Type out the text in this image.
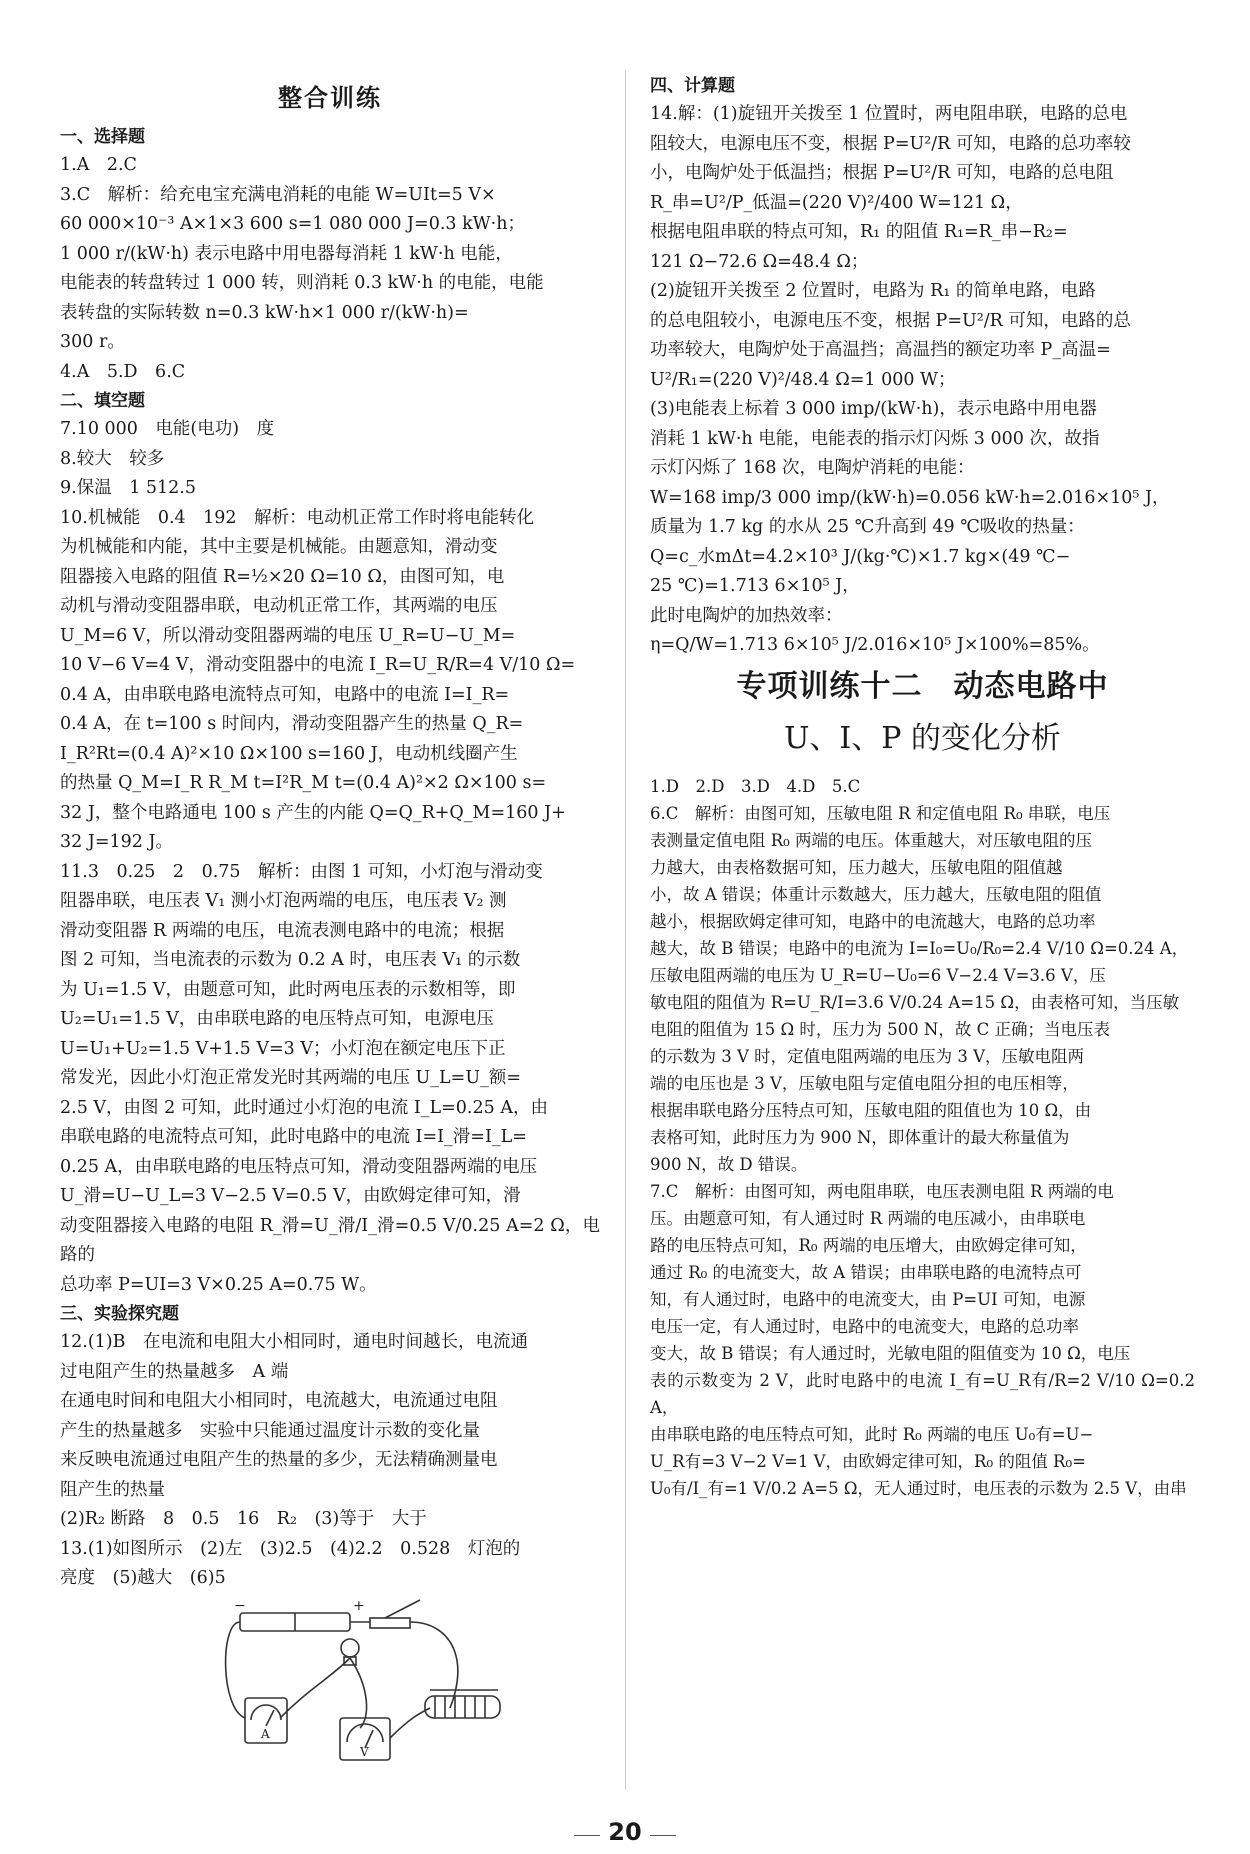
整合训练
一、选择题

1.A　2.C

3.C　解析：给充电宝充满电消耗的电能 W=UIt=5 V×

60 000×10⁻³ A×1×3 600 s=1 080 000 J=0.3 kW·h；

1 000 r/(kW·h) 表示电路中用电器每消耗 1 kW·h 电能，

电能表的转盘转过 1 000 转，则消耗 0.3 kW·h 的电能，电能

表转盘的实际转数 n=0.3 kW·h×1 000 r/(kW·h)=

300 r。

4.A　5.D　6.C

二、填空题

7.10 000　电能(电功)　度

8.较大　较多

9.保温　1 512.5

10.机械能　0.4　192　解析：电动机正常工作时将电能转化

为机械能和内能，其中主要是机械能。由题意知，滑动变

阻器接入电路的阻值 R=½×20 Ω=10 Ω，由图可知，电

动机与滑动变阻器串联，电动机正常工作，其两端的电压

U_M=6 V，所以滑动变阻器两端的电压 U_R=U−U_M=

10 V−6 V=4 V，滑动变阻器中的电流 I_R=U_R/R=4 V/10 Ω=

0.4 A，由串联电路电流特点可知，电路中的电流 I=I_R=

0.4 A，在 t=100 s 时间内，滑动变阻器产生的热量 Q_R=

I_R²Rt=(0.4 A)²×10 Ω×100 s=160 J，电动机线圈产生

的热量 Q_M=I_R R_M t=I²R_M t=(0.4 A)²×2 Ω×100 s=

32 J，整个电路通电 100 s 产生的内能 Q=Q_R+Q_M=160 J+

32 J=192 J。

11.3　0.25　2　0.75　解析：由图 1 可知，小灯泡与滑动变

阻器串联，电压表 V₁ 测小灯泡两端的电压，电压表 V₂ 测

滑动变阻器 R 两端的电压，电流表测电路中的电流；根据

图 2 可知，当电流表的示数为 0.2 A 时，电压表 V₁ 的示数

为 U₁=1.5 V，由题意可知，此时两电压表的示数相等，即

U₂=U₁=1.5 V，由串联电路的电压特点可知，电源电压

U=U₁+U₂=1.5 V+1.5 V=3 V；小灯泡在额定电压下正

常发光，因此小灯泡正常发光时其两端的电压 U_L=U_额=

2.5 V，由图 2 可知，此时通过小灯泡的电流 I_L=0.25 A，由

串联电路的电流特点可知，此时电路中的电流 I=I_滑=I_L=

0.25 A，由串联电路的电压特点可知，滑动变阻器两端的电压

U_滑=U−U_L=3 V−2.5 V=0.5 V，由欧姆定律可知，滑

动变阻器接入电路的电阻 R_滑=U_滑/I_滑=0.5 V/0.25 A=2 Ω，电路的

总功率 P=UI=3 V×0.25 A=0.75 W。

三、实验探究题

12.(1)B　在电流和电阻大小相同时，通电时间越长，电流通

过电阻产生的热量越多　A 端

在通电时间和电阻大小相同时，电流越大，电流通过电阻

产生的热量越多　实验中只能通过温度计示数的变化量

来反映电流通过电阻产生的热量的多少，无法精确测量电

阻产生的热量

(2)R₂ 断路　8　0.5　16　R₂　(3)等于　大于

13.(1)如图所示　(2)左　(3)2.5　(4)2.2　0.528　灯泡的

亮度　(5)越大　(6)5

−	+
A
V
四、计算题

14.解：(1)旋钮开关拨至 1 位置时，两电阻串联，电路的总电

阻较大，电源电压不变，根据 P=U²/R 可知，电路的总功率较

小，电陶炉处于低温挡；根据 P=U²/R 可知，电路的总电阻

R_串=U²/P_低温=(220 V)²/400 W=121 Ω，

根据电阻串联的特点可知，R₁ 的阻值 R₁=R_串−R₂=

121 Ω−72.6 Ω=48.4 Ω；

(2)旋钮开关拨至 2 位置时，电路为 R₁ 的简单电路，电路

的总电阻较小，电源电压不变，根据 P=U²/R 可知，电路的总

功率较大，电陶炉处于高温挡；高温挡的额定功率 P_高温=

U²/R₁=(220 V)²/48.4 Ω=1 000 W；

(3)电能表上标着 3 000 imp/(kW·h)，表示电路中用电器

消耗 1 kW·h 电能，电能表的指示灯闪烁 3 000 次，故指

示灯闪烁了 168 次，电陶炉消耗的电能：

W=168 imp/3 000 imp/(kW·h)=0.056 kW·h=2.016×10⁵ J，

质量为 1.7 kg 的水从 25 ℃升高到 49 ℃吸收的热量：

Q=c_水mΔt=4.2×10³ J/(kg·℃)×1.7 kg×(49 ℃−

25 ℃)=1.713 6×10⁵ J，

此时电陶炉的加热效率：

η=Q/W=1.713 6×10⁵ J/2.016×10⁵ J×100%=85%。

专项训练十二　动态电路中
U、I、P 的变化分析

1.D　2.D　3.D　4.D　5.C

6.C　解析：由图可知，压敏电阻 R 和定值电阻 R₀ 串联，电压

表测量定值电阻 R₀ 两端的电压。体重越大，对压敏电阻的压

力越大，由表格数据可知，压力越大，压敏电阻的阻值越

小，故 A 错误；体重计示数越大，压力越大，压敏电阻的阻值

越小，根据欧姆定律可知，电路中的电流越大，电路的总功率

越大，故 B 错误；电路中的电流为 I=I₀=U₀/R₀=2.4 V/10 Ω=0.24 A，

压敏电阻两端的电压为 U_R=U−U₀=6 V−2.4 V=3.6 V，压

敏电阻的阻值为 R=U_R/I=3.6 V/0.24 A=15 Ω，由表格可知，当压敏

电阻的阻值为 15 Ω 时，压力为 500 N，故 C 正确；当电压表

的示数为 3 V 时，定值电阻两端的电压为 3 V，压敏电阻两

端的电压也是 3 V，压敏电阻与定值电阻分担的电压相等，

根据串联电路分压特点可知，压敏电阻的阻值也为 10 Ω，由

表格可知，此时压力为 900 N，即体重计的最大称量值为

900 N，故 D 错误。

7.C　解析：由图可知，两电阻串联，电压表测电阻 R 两端的电

压。由题意可知，有人通过时 R 两端的电压减小，由串联电

路的电压特点可知，R₀ 两端的电压增大，由欧姆定律可知，

通过 R₀ 的电流变大，故 A 错误；由串联电路的电流特点可

知，有人通过时，电路中的电流变大，由 P=UI 可知，电源

电压一定，有人通过时，电路中的电流变大，电路的总功率

变大，故 B 错误；有人通过时，光敏电阻的阻值变为 10 Ω，电压

表的示数变为 2 V，此时电路中的电流 I_有=U_R有/R=2 V/10 Ω=0.2 A，

由串联电路的电压特点可知，此时 R₀ 两端的电压 U₀有=U−

U_R有=3 V−2 V=1 V，由欧姆定律可知，R₀ 的阻值 R₀=

U₀有/I_有=1 V/0.2 A=5 Ω，无人通过时，电压表的示数为 2.5 V，由串

20
